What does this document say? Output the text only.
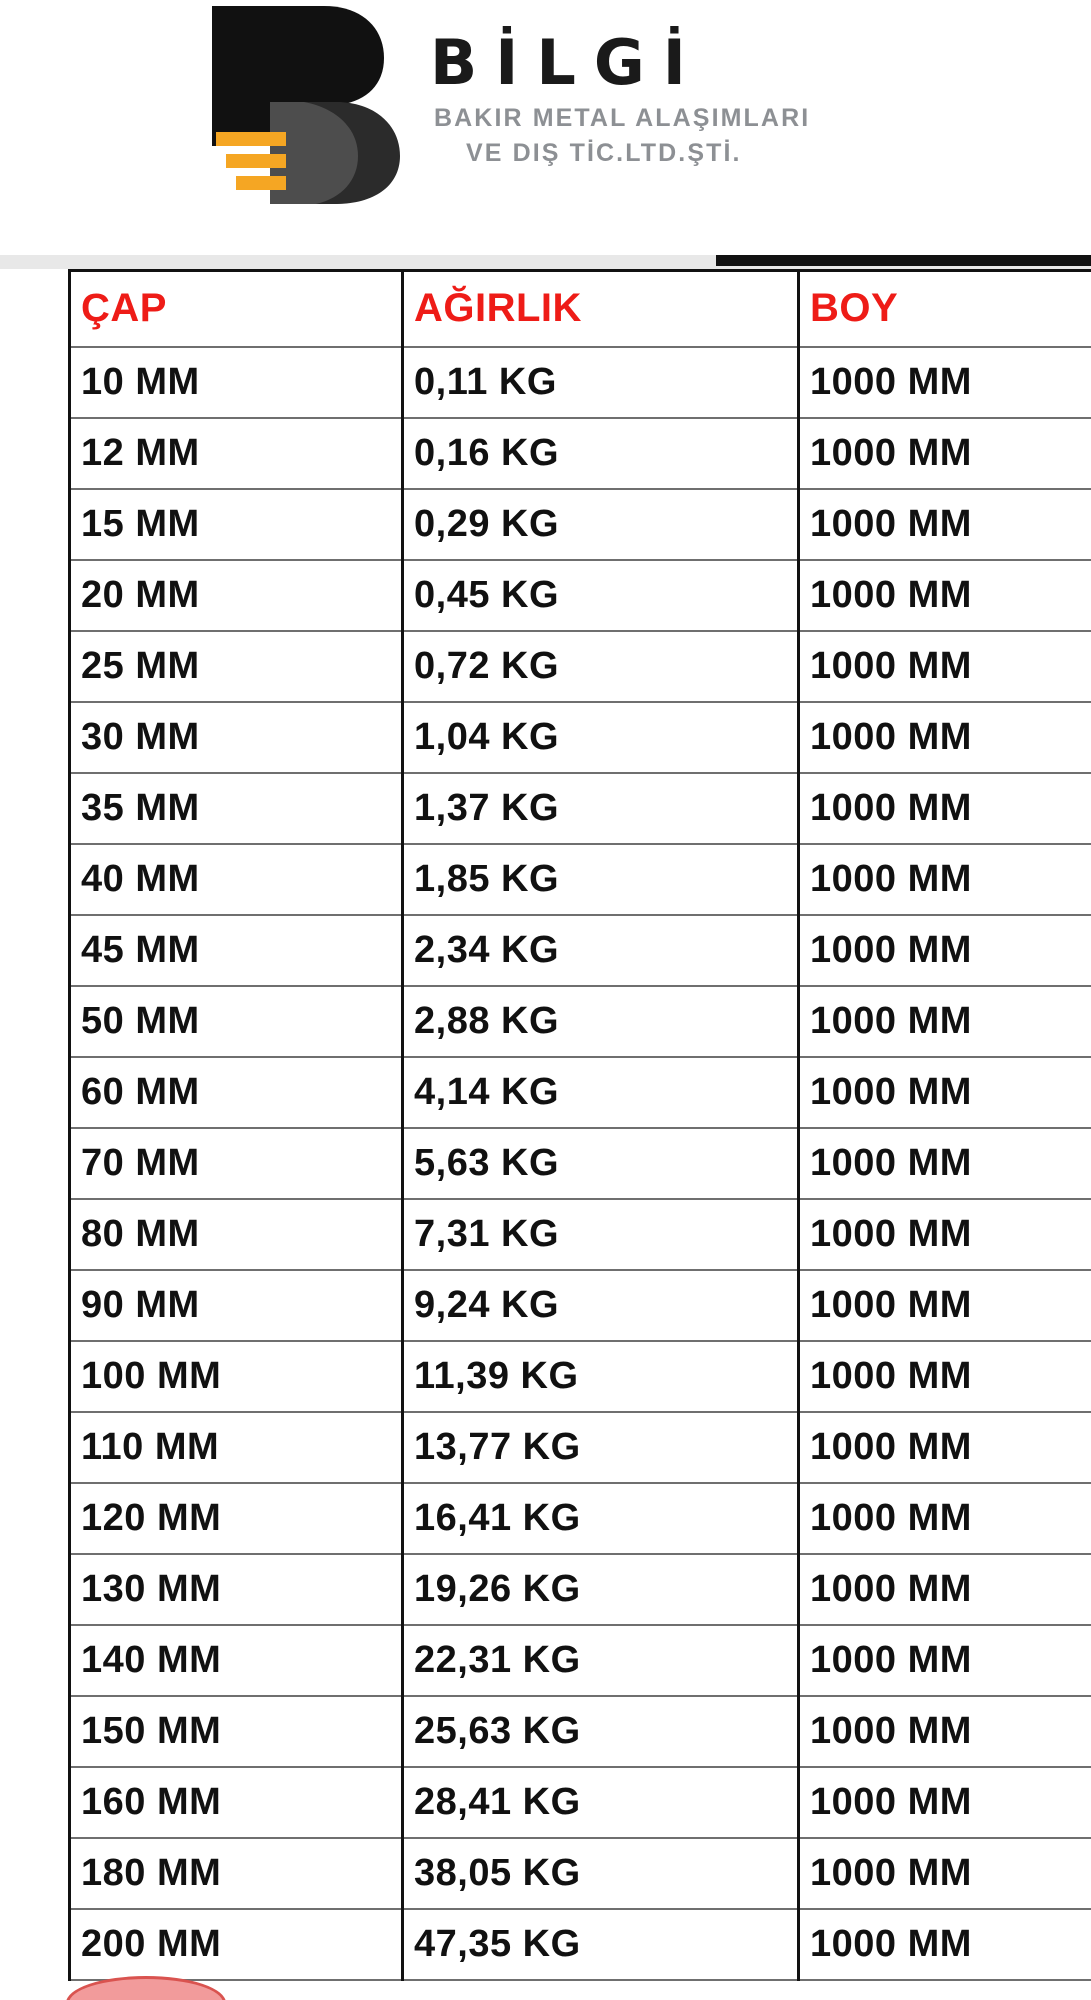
BİLGİ
BAKIR METAL ALAŞIMLARI
VE DIŞ TİC.LTD.ŞTİ.
ÇAP	AĞIRLIK	BOY
10 MM	0,11 KG	1000 MM
12 MM	0,16 KG	1000 MM
15 MM	0,29 KG	1000 MM
20 MM	0,45 KG	1000 MM
25 MM	0,72 KG	1000 MM
30 MM	1,04 KG	1000 MM
35 MM	1,37 KG	1000 MM
40 MM	1,85 KG	1000 MM
45 MM	2,34 KG	1000 MM
50 MM	2,88 KG	1000 MM
60 MM	4,14 KG	1000 MM
70 MM	5,63 KG	1000 MM
80 MM	7,31 KG	1000 MM
90 MM	9,24 KG	1000 MM
100 MM	11,39 KG	1000 MM
110 MM	13,77 KG	1000 MM
120 MM	16,41 KG	1000 MM
130 MM	19,26 KG	1000 MM
140 MM	22,31 KG	1000 MM
150 MM	25,63 KG	1000 MM
160 MM	28,41 KG	1000 MM
180 MM	38,05 KG	1000 MM
200 MM	47,35 KG	1000 MM
